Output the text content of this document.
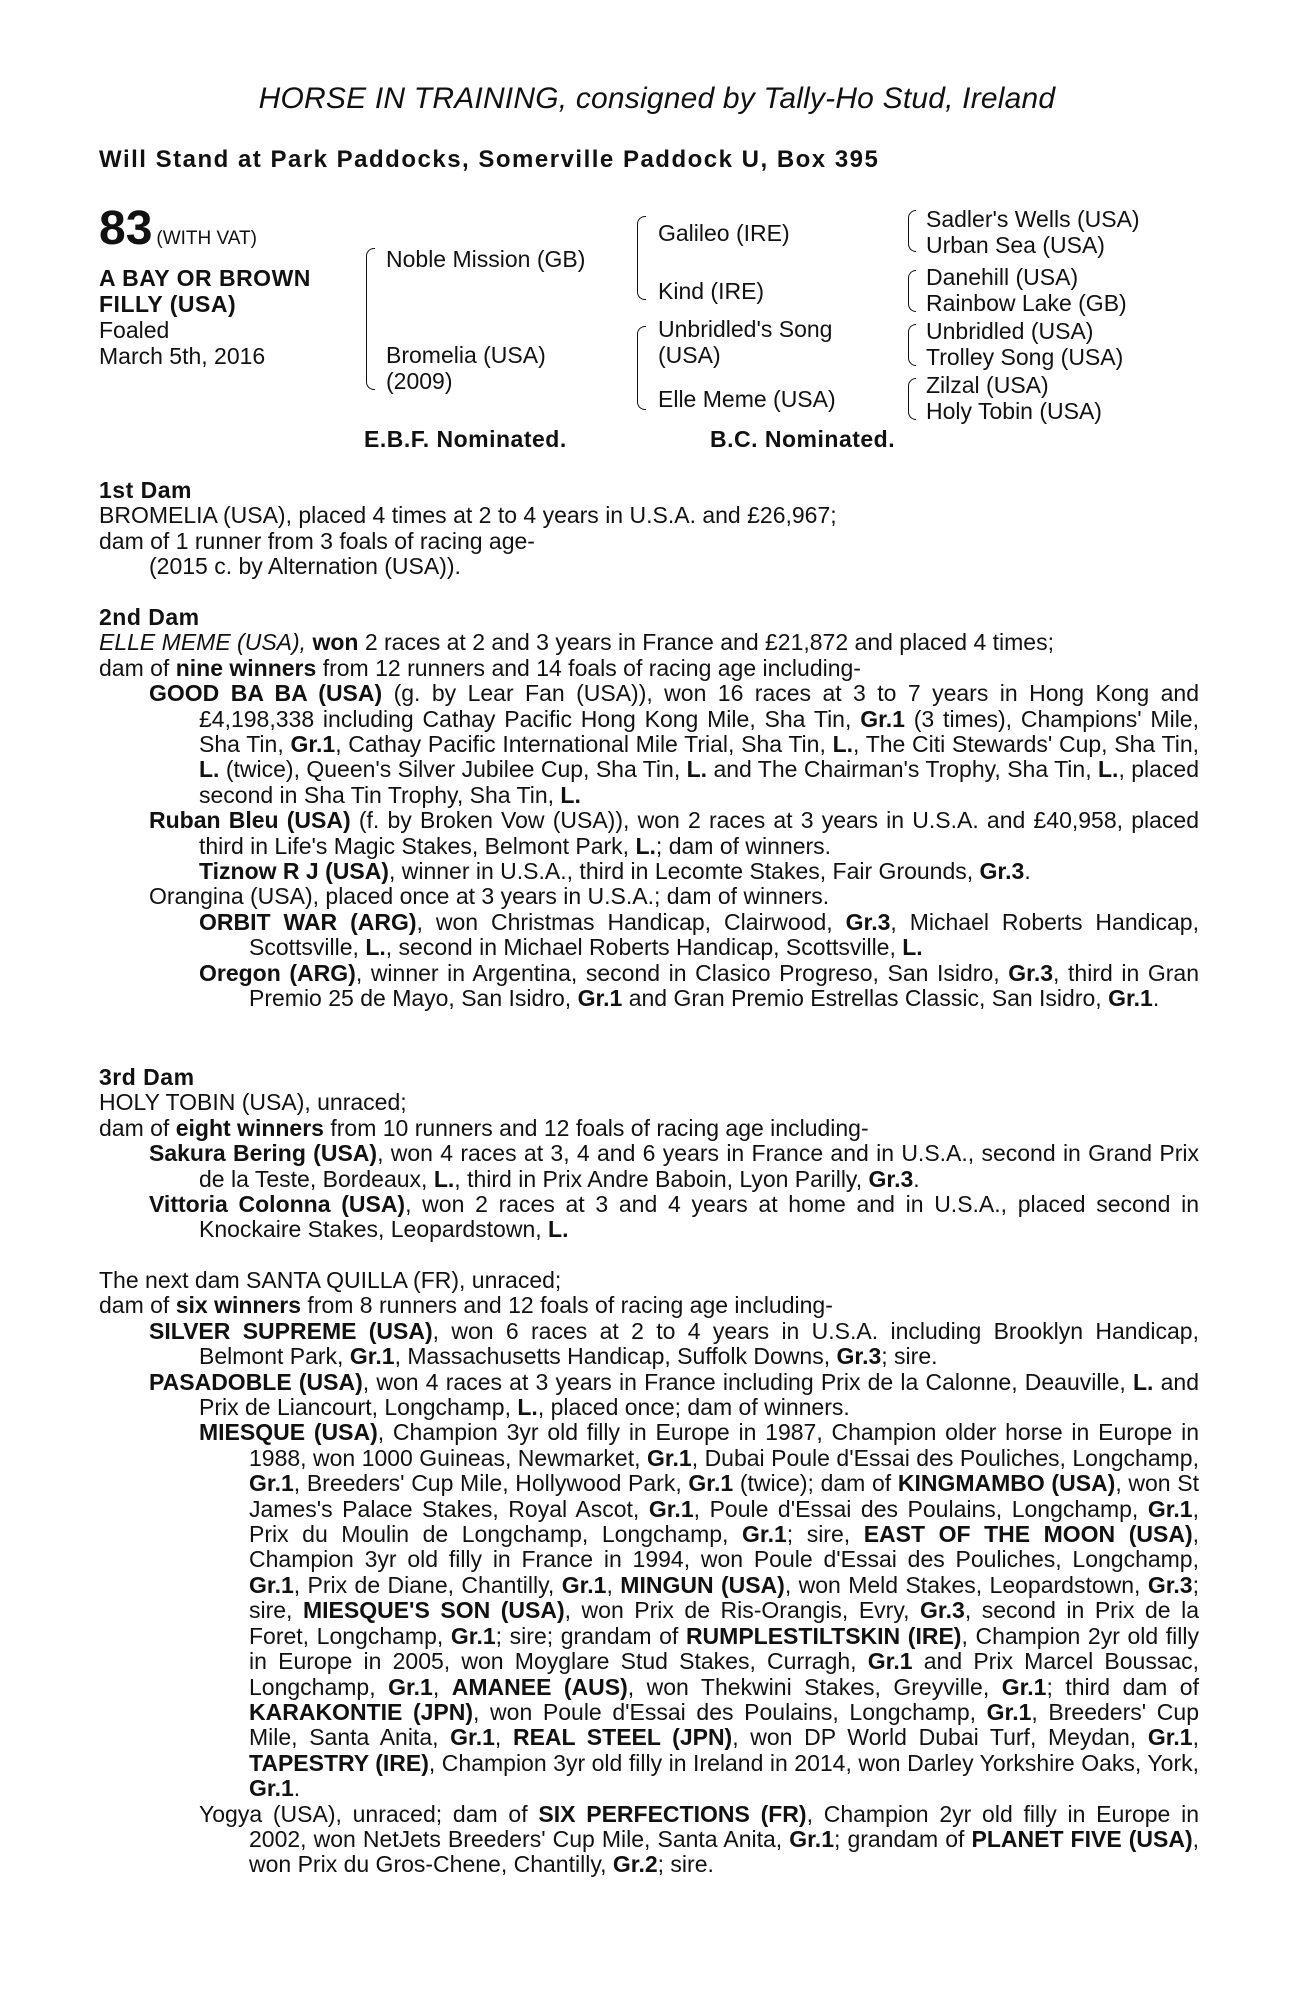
HORSE IN TRAINING, consigned by Tally-Ho Stud, Ireland
Will Stand at Park Paddocks, Somerville Paddock U, Box 395
83 (WITH VAT)
A BAY OR BROWN
FILLY (USA)
Foaled
March 5th, 2016
Noble Mission (GB)
Bromelia (USA)
(2009)
Galileo (IRE)
Kind (IRE)
Unbridled's Song
(USA)
Elle Meme (USA)
Sadler's Wells (USA)
Urban Sea (USA)
Danehill (USA)
Rainbow Lake (GB)
Unbridled (USA)
Trolley Song (USA)
Zilzal (USA)
Holy Tobin (USA)
E.B.F. Nominated.	B.C. Nominated.
1st Dam

BROMELIA (USA), placed 4 times at 2 to 4 years in U.S.A. and £26,967;

dam of 1 runner from 3 foals of racing age-

(2015 c. by Alternation (USA)).

2nd Dam

ELLE MEME (USA), won 2 races at 2 and 3 years in France and £21,872 and placed 4 times;

dam of nine winners from 12 runners and 14 foals of racing age including-

GOOD BA BA (USA) (g. by Lear Fan (USA)), won 16 races at 3 to 7 years in Hong Kong and £4,198,338 including Cathay Pacific Hong Kong Mile, Sha Tin, Gr.1 (3 times), Champions' Mile, Sha Tin, Gr.1, Cathay Pacific International Mile Trial, Sha Tin, L., The Citi Stewards' Cup, Sha Tin, L. (twice), Queen's Silver Jubilee Cup, Sha Tin, L. and The Chairman's Trophy, Sha Tin, L., placed second in Sha Tin Trophy, Sha Tin, L.

Ruban Bleu (USA) (f. by Broken Vow (USA)), won 2 races at 3 years in U.S.A. and £40,958, placed third in Life's Magic Stakes, Belmont Park, L.; dam of winners.

Tiznow R J (USA), winner in U.S.A., third in Lecomte Stakes, Fair Grounds, Gr.3.

Orangina (USA), placed once at 3 years in U.S.A.; dam of winners.

ORBIT WAR (ARG), won Christmas Handicap, Clairwood, Gr.3, Michael Roberts Handicap, Scottsville, L., second in Michael Roberts Handicap, Scottsville, L.

Oregon (ARG), winner in Argentina, second in Clasico Progreso, San Isidro, Gr.3, third in Gran Premio 25 de Mayo, San Isidro, Gr.1 and Gran Premio Estrellas Classic, San Isidro, Gr.1.

3rd Dam

HOLY TOBIN (USA), unraced;

dam of eight winners from 10 runners and 12 foals of racing age including-

Sakura Bering (USA), won 4 races at 3, 4 and 6 years in France and in U.S.A., second in Grand Prix de la Teste, Bordeaux, L., third in Prix Andre Baboin, Lyon Parilly, Gr.3.

Vittoria Colonna (USA), won 2 races at 3 and 4 years at home and in U.S.A., placed second in Knockaire Stakes, Leopardstown, L.

The next dam SANTA QUILLA (FR), unraced;

dam of six winners from 8 runners and 12 foals of racing age including-

SILVER SUPREME (USA), won 6 races at 2 to 4 years in U.S.A. including Brooklyn Handicap, Belmont Park, Gr.1, Massachusetts Handicap, Suffolk Downs, Gr.3; sire.

PASADOBLE (USA), won 4 races at 3 years in France including Prix de la Calonne, Deauville, L. and Prix de Liancourt, Longchamp, L., placed once; dam of winners.

MIESQUE (USA), Champion 3yr old filly in Europe in 1987, Champion older horse in Europe in 1988, won 1000 Guineas, Newmarket, Gr.1, Dubai Poule d'Essai des Pouliches, Longchamp, Gr.1, Breeders' Cup Mile, Hollywood Park, Gr.1 (twice); dam of KINGMAMBO (USA), won St James's Palace Stakes, Royal Ascot, Gr.1, Poule d'Essai des Poulains, Longchamp, Gr.1, Prix du Moulin de Longchamp, Longchamp, Gr.1; sire, EAST OF THE MOON (USA), Champion 3yr old filly in France in 1994, won Poule d'Essai des Pouliches, Longchamp, Gr.1, Prix de Diane, Chantilly, Gr.1, MINGUN (USA), won Meld Stakes, Leopardstown, Gr.3; sire, MIESQUE'S SON (USA), won Prix de Ris-Orangis, Evry, Gr.3, second in Prix de la Foret, Longchamp, Gr.1; sire; grandam of RUMPLESTILTSKIN (IRE), Champion 2yr old filly in Europe in 2005, won Moyglare Stud Stakes, Curragh, Gr.1 and Prix Marcel Boussac, Longchamp, Gr.1, AMANEE (AUS), won Thekwini Stakes, Greyville, Gr.1; third dam of KARAKONTIE (JPN), won Poule d'Essai des Poulains, Longchamp, Gr.1, Breeders' Cup Mile, Santa Anita, Gr.1, REAL STEEL (JPN), won DP World Dubai Turf, Meydan, Gr.1, TAPESTRY (IRE), Champion 3yr old filly in Ireland in 2014, won Darley Yorkshire Oaks, York, Gr.1.

Yogya (USA), unraced; dam of SIX PERFECTIONS (FR), Champion 2yr old filly in Europe in 2002, won NetJets Breeders' Cup Mile, Santa Anita, Gr.1; grandam of PLANET FIVE (USA), won Prix du Gros-Chene, Chantilly, Gr.2; sire.
